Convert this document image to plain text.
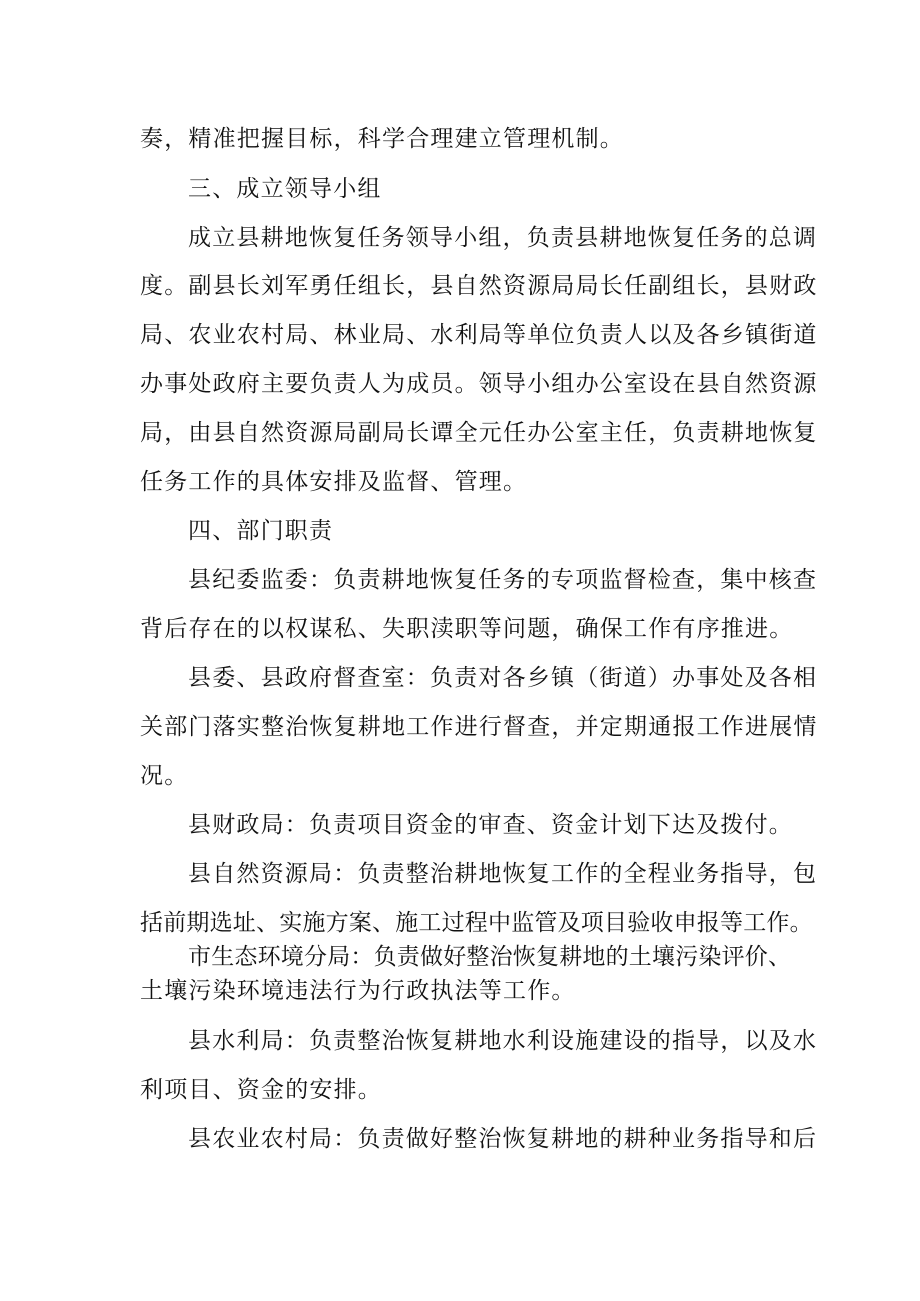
奏，精准把握目标，科学合理建立管理机制。
三、成立领导小组
成立县耕地恢复任务领导小组，负责县耕地恢复任务的总调
度。副县长刘军勇任组长，县自然资源局局长任副组长，县财政
局、农业农村局、林业局、水利局等单位负责人以及各乡镇街道
办事处政府主要负责人为成员。领导小组办公室设在县自然资源
局，由县自然资源局副局长谭全元任办公室主任，负责耕地恢复
任务工作的具体安排及监督、管理。
四、部门职责
县纪委监委：负责耕地恢复任务的专项监督检查，集中核查
背后存在的以权谋私、失职渎职等问题，确保工作有序推进。
县委、县政府督查室：负责对各乡镇（街道）办事处及各相
关部门落实整治恢复耕地工作进行督查，并定期通报工作进展情
况。
县财政局：负责项目资金的审查、资金计划下达及拨付。
县自然资源局：负责整治耕地恢复工作的全程业务指导，包
括前期选址、实施方案、施工过程中监管及项目验收申报等工作。
市生态环境分局：负责做好整治恢复耕地的土壤污染评价、
土壤污染环境违法行为行政执法等工作。
县水利局：负责整治恢复耕地水利设施建设的指导，以及水
利项目、资金的安排。
县农业农村局：负责做好整治恢复耕地的耕种业务指导和后
